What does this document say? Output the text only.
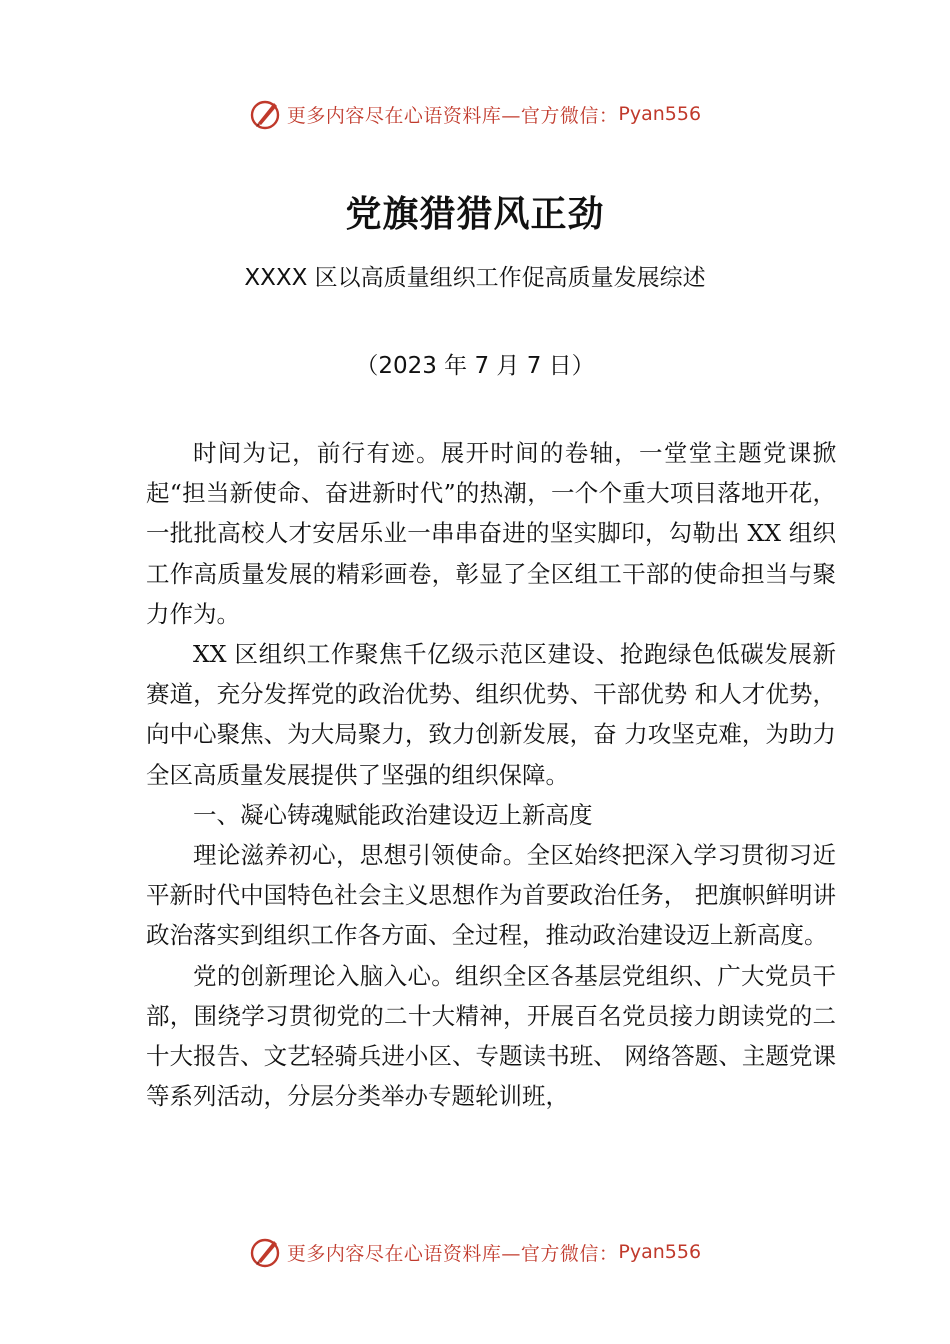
更多内容尽在心语资料库—官方微信： Pyan556
党旗猎猎风正劲
XXXX 区以高质量组织工作促高质量发展综述
（2023 年 7 月 7 日）

时间为记，前行有迹。展开时间的卷轴，一堂堂主题党课掀起“担当新使命、奋进新时代”的热潮，一个个重大项目落地开花，一批批高校人才安居乐业一串串奋进的坚实脚印，勾勒出 XX 组织工作高质量发展的精彩画卷，彰显了全区组工干部的使命担当与聚力作为。

XX 区组织工作聚焦千亿级示范区建设、抢跑绿色低碳发展新赛道，充分发挥党的政治优势、组织优势、干部优势 和人才优势，向中心聚焦、为大局聚力，致力创新发展，奋 力攻坚克难，为助力全区高质量发展提供了坚强的组织保障。

一、凝心铸魂赋能政治建设迈上新高度

理论滋养初心，思想引领使命。全区始终把深入学习贯彻习近平新时代中国特色社会主义思想作为首要政治任务， 把旗帜鲜明讲政治落实到组织工作各方面、全过程，推动政治建设迈上新高度。

党的创新理论入脑入心。组织全区各基层党组织、广大党员干部，围绕学习贯彻党的二十大精神，开展百名党员接力朗读党的二十大报告、文艺轻骑兵进小区、专题读书班、 网络答题、主题党课等系列活动，分层分类举办专题轮训班，

更多内容尽在心语资料库—官方微信： Pyan556
